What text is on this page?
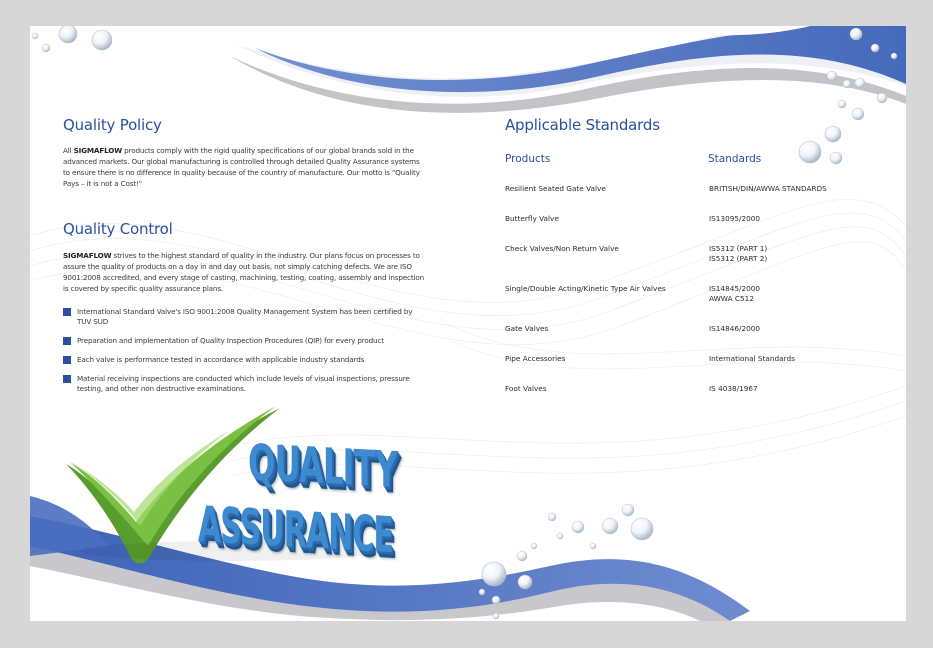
Quality Policy

All SIGMAFLOW products comply with the rigid quality specifications of our global brands sold in the advanced markets. Our global manufacturing is controlled through detailed Quality Assurance systems to ensure there is no difference in quality because of the country of manufacture. Our motto is "Quality Pays – it is not a Cost!"

Quality Control

SIGMAFLOW strives to the highest standard of quality in the industry. Our plans focus on processes to assure the quality of products on a day in and day out basis, not simply catching defects. We are ISO 9001:2008 accredited, and every stage of casting, machining, testing, coating, assembly and inspection is covered by specific quality assurance plans.

International Standard Valve's ISO 9001:2008 Quality Management System has been certified by TUV SUD
Preparation and implementation of Quality Inspection Procedures (QIP) for every product
Each valve is performance tested in accordance with applicable industry standards
Material receiving inspections are conducted which include levels of visual inspections, pressure testing, and other non destructive examinations.
QUALITY
ASSURANCE
Applicable Standards
Products	Standards
Resilient Seated Gate Valve	BRITISH/DIN/AWWA STANDARDS
Butterfly Valve	IS13095/2000
Check Valves/Non Return Valve	IS5312 (PART 1)
IS5312 (PART 2)
Single/Double Acting/Kinetic Type Air Valves	IS14845/2000
AWWA C512
Gate Valves	IS14846/2000
Pipe Accessories	International Standards
Foot Valves	IS 4038/1967
